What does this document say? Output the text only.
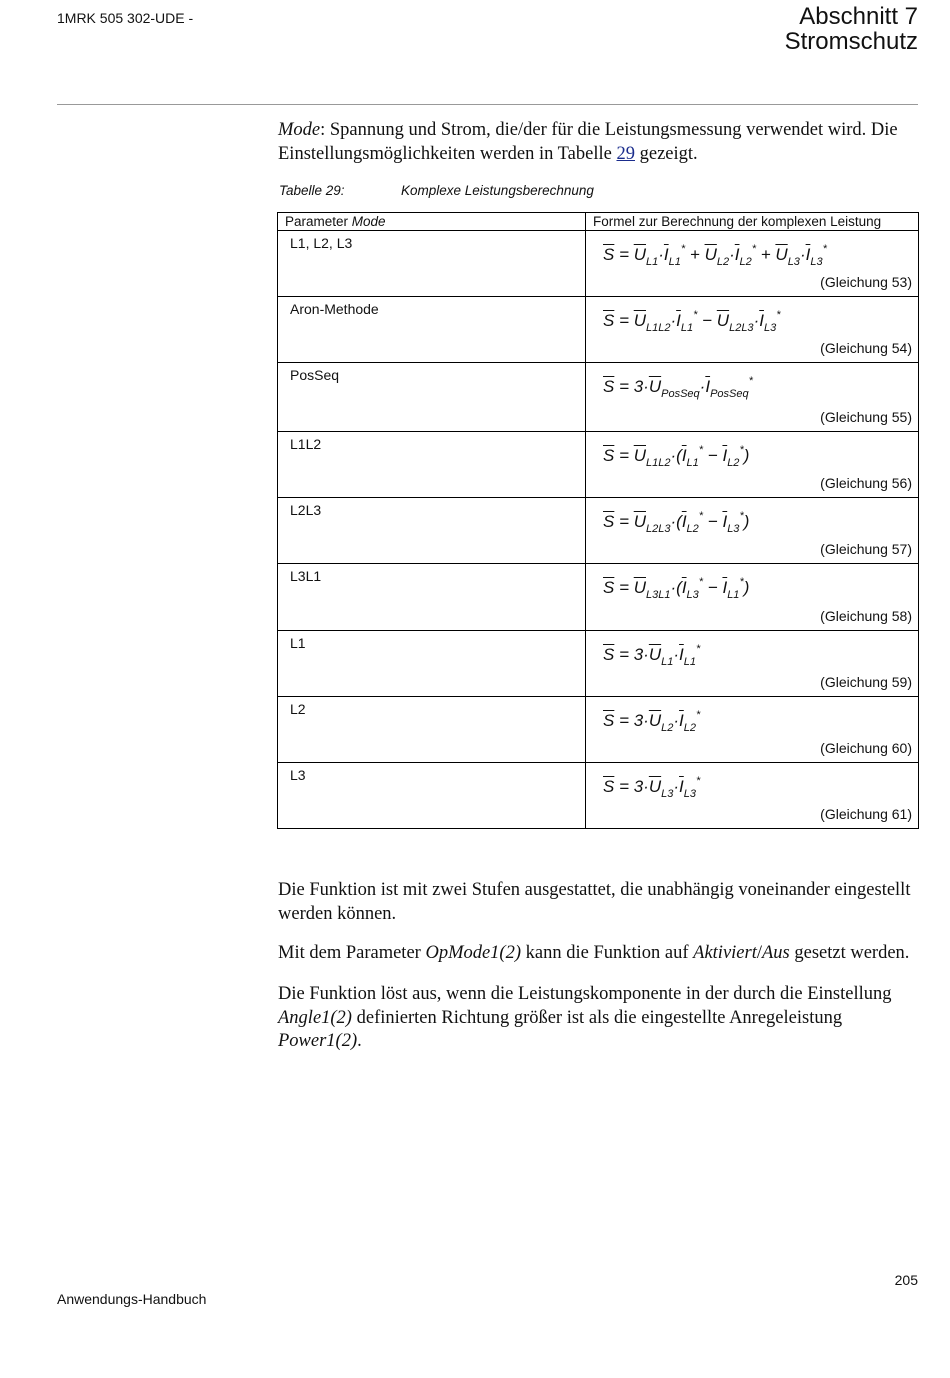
1MRK 505 302-UDE -	Abschnitt 7
Stromschutz
Mode: Spannung und Strom, die/der für die Leistungsmessung verwendet wird. Die Einstellungsmöglichkeiten werden in Tabelle 29 gezeigt.
Tabelle 29:	Komplexe Leistungsberechnung
Parameter Mode	Formel zur Berechnung der komplexen Leistung
L1, L2, L3	$\overline{S} = \overline{U}_{L1}\cdot\overline{I}_{L1}^* + \overline{U}_{L2}\cdot\overline{I}_{L2}^* + \overline{U}_{L3}\cdot\overline{I}_{L3}^*$
(Gleichung 53)

Aron-Methode	$\overline{S} = \overline{U}_{L1L2}\cdot\overline{I}_{L1}^* - \overline{U}_{L2L3}\cdot\overline{I}_{L3}^*$
(Gleichung 54)

PosSeq	$\overline{S} = 3\cdot\overline{U}_{PosSeq}\cdot\overline{I}_{PosSeq}^*$
(Gleichung 55)

L1L2	$\overline{S} = \overline{U}_{L1L2}\cdot(\overline{I}_{L1}^* - \overline{I}_{L2}^*)$
(Gleichung 56)

L2L3	$\overline{S} = \overline{U}_{L2L3}\cdot(\overline{I}_{L2}^* - \overline{I}_{L3}^*)$
(Gleichung 57)

L3L1	$\overline{S} = \overline{U}_{L3L1}\cdot(\overline{I}_{L3}^* - \overline{I}_{L1}^*)$
(Gleichung 58)

L1	$\overline{S} = 3\cdot\overline{U}_{L1}\cdot\overline{I}_{L1}^*$
(Gleichung 59)

L2	$\overline{S} = 3\cdot\overline{U}_{L2}\cdot\overline{I}_{L2}^*$
(Gleichung 60)

L3	$\overline{S} = 3\cdot\overline{U}_{L3}\cdot\overline{I}_{L3}^*$
(Gleichung 61)
Die Funktion ist mit zwei Stufen ausgestattet, die unabhängig voneinander eingestellt werden können.
Mit dem Parameter OpMode1(2) kann die Funktion auf Aktiviert/Aus gesetzt werden.
Die Funktion löst aus, wenn die Leistungskomponente in der durch die Einstellung Angle1(2) definierten Richtung größer ist als die eingestellte Anregeleistung Power1(2).
205
Anwendungs-Handbuch
